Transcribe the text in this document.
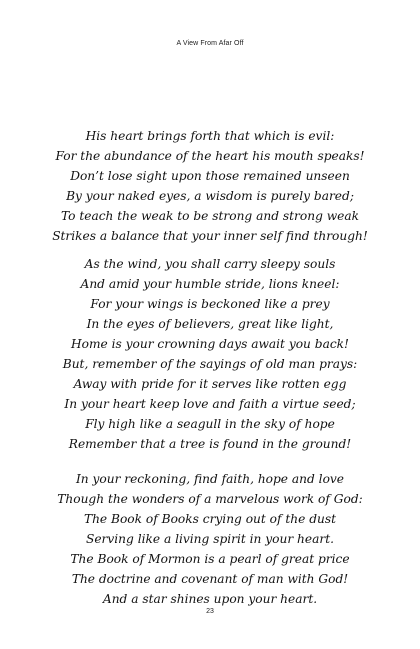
A View From Afar Off
His heart brings forth that which is evil:
For the abundance of the heart his mouth speaks!
Don’t lose sight upon those remained unseen
By your naked eyes, a wisdom is purely bared;
To teach the weak to be strong and strong weak
Strikes a balance that your inner self find through!
As the wind, you shall carry sleepy souls
And amid your humble stride, lions kneel:
For your wings is beckoned like a prey
In the eyes of believers, great like light,
Home is your crowning days await you back!
But, remember of the sayings of old man prays:
Away with pride for it serves like rotten egg
In your heart keep love and faith a virtue seed;
Fly high like a seagull in the sky of hope
Remember that a tree is found in the ground!
In your reckoning, find faith, hope and love
Though the wonders of a marvelous work of God:
The Book of Books crying out of the dust
Serving like a living spirit in your heart.
The Book of Mormon is a pearl of great price
The doctrine and covenant of man with God!
And a star shines upon your heart.
23
